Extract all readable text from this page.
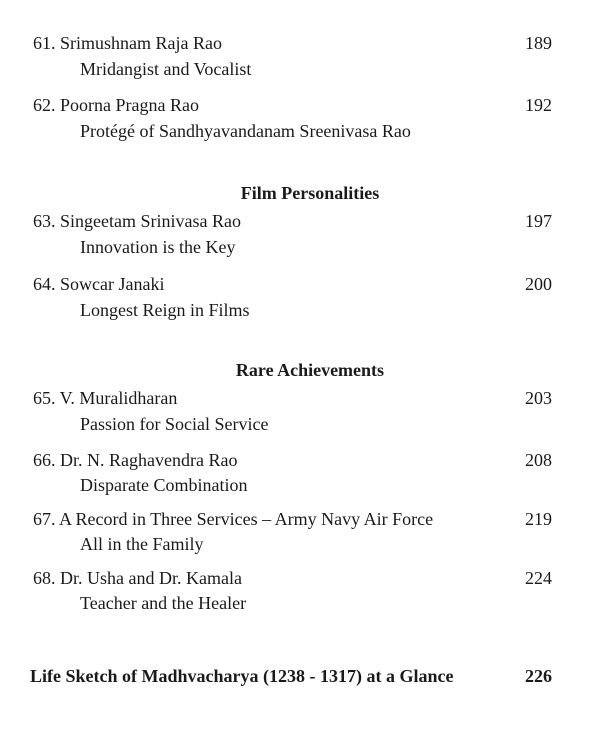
61. Srimushnam Raja Rao
Mridangist and Vocalist
189
62. Poorna Pragna Rao
Protégé of Sandhyavandanam Sreenivasa Rao
192
Film Personalities
63. Singeetam Srinivasa Rao
Innovation is the Key
197
64. Sowcar Janaki
Longest Reign in Films
200
Rare Achievements
65. V. Muralidharan
Passion for Social Service
203
66. Dr. N. Raghavendra Rao
Disparate Combination
208
67. A Record in Three Services – Army Navy Air Force
All in the Family
219
68. Dr. Usha and Dr. Kamala
Teacher and the Healer
224
Life Sketch of Madhvacharya (1238 - 1317) at a Glance	226
